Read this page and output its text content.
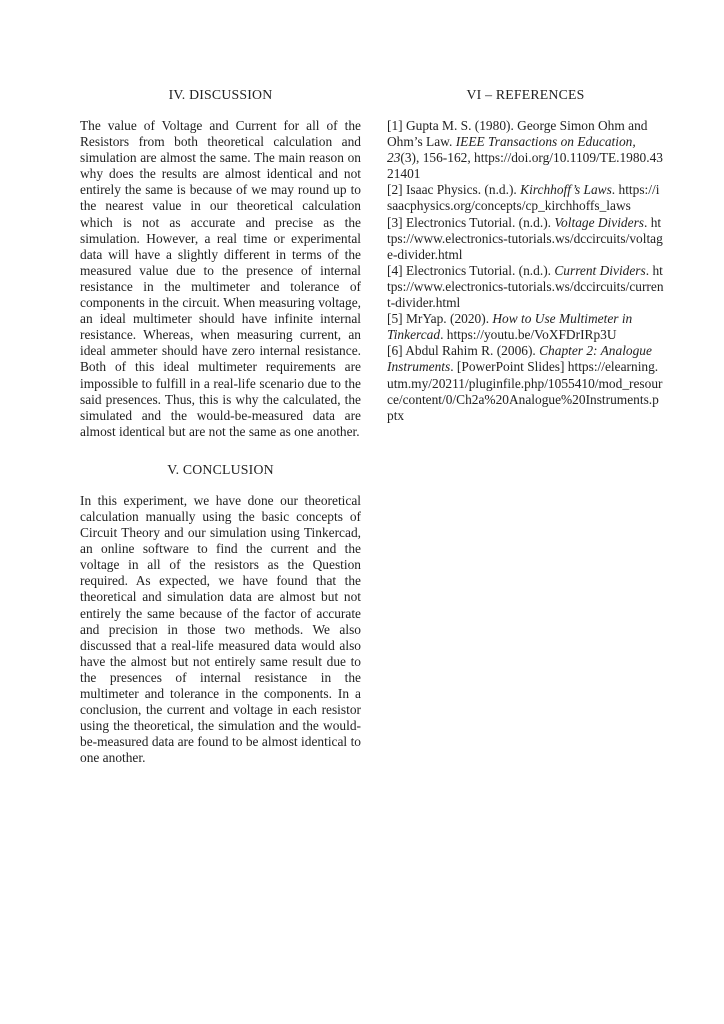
IV. DISCUSSION

The value of Voltage and Current for all of the Resistors from both theoretical calculation and simulation are almost the same. The main reason on why does the results are almost identical and not entirely the same is because of we may round up to the nearest value in our theoretical calculation which is not as accurate and precise as the simulation. However, a real time or experimental data will have a slightly different in terms of the measured value due to the presence of internal resistance in the multimeter and tolerance of components in the circuit. When measuring voltage, an ideal multimeter should have infinite internal resistance. Whereas, when measuring current, an ideal ammeter should have zero internal resistance. Both of this ideal multimeter requirements are impossible to fulfill in a real-life scenario due to the said presences. Thus, this is why the calculated, the simulated and the would-be-measured data are almost identical but are not the same as one another.

V. CONCLUSION

In this experiment, we have done our theoretical calculation manually using the basic concepts of Circuit Theory and our simulation using Tinkercad, an online software to find the current and the voltage in all of the resistors as the Question required. As expected, we have found that the theoretical and simulation data are almost but not entirely the same because of the factor of accurate and precision in those two methods. We also discussed that a real-life measured data would also have the almost but not entirely same result due to the presences of internal resistance in the multimeter and tolerance in the components. In a conclusion, the current and voltage in each resistor using the theoretical, the simulation and the would-be-measured data are found to be almost identical to one another.

VI – REFERENCES
[1] Gupta M. S. (1980). George Simon Ohm and Ohm’s Law. IEEE Transactions on Education, 23(3), 156-162, https://doi.org/10.1109/TE.1980.4321401
[2] Isaac Physics. (n.d.). Kirchhoff’s Laws. https://isaacphysics.org/concepts/cp_kirchhoffs_laws
[3] Electronics Tutorial. (n.d.). Voltage Dividers. https://www.electronics-tutorials.ws/dccircuits/voltage-divider.html
[4] Electronics Tutorial. (n.d.). Current Dividers. https://www.electronics-tutorials.ws/dccircuits/current-divider.html
[5] MrYap. (2020). How to Use Multimeter in Tinkercad. https://youtu.be/VoXFDrIRp3U
[6] Abdul Rahim R. (2006). Chapter 2: Analogue Instruments. [PowerPoint Slides] https://elearning.utm.my/20211/pluginfile.php/1055410/mod_resource/content/0/Ch2a%20Analogue%20Instruments.pptx
